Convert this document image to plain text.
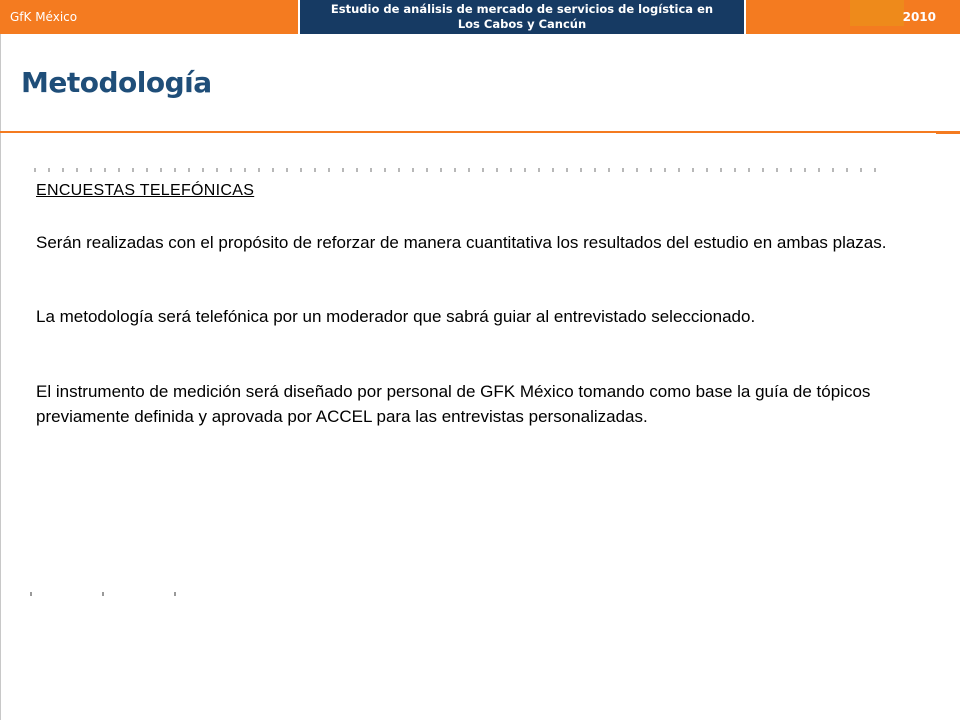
GfK México
Estudio de análisis de mercado de servicios de logística en
Los Cabos y Cancún	2010
Metodología
ENCUESTAS TELEFÓNICAS

Serán realizadas con el propósito de reforzar de manera cuantitativa los resultados del estudio en ambas plazas.

La metodología será telefónica por un moderador que sabrá guiar al entrevistado seleccionado.

El instrumento de medición será diseñado por personal de GFK México tomando como base la guía de tópicos previamente definida y aprovada por ACCEL para las entrevistas personalizadas.
